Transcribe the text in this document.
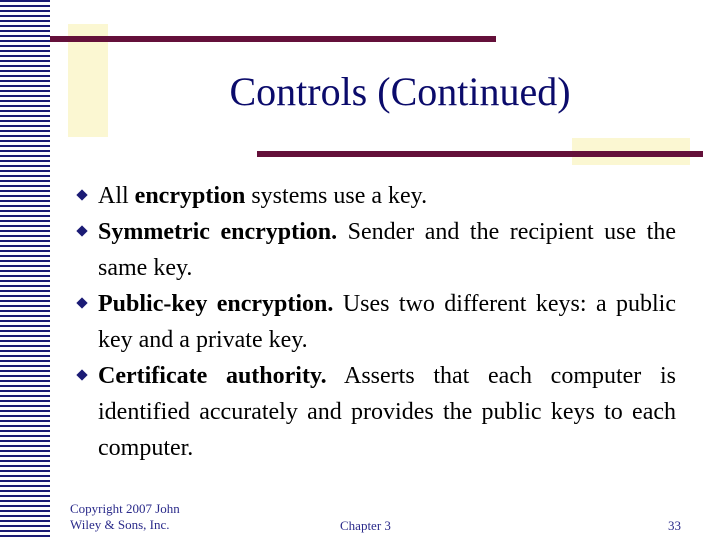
Controls (Continued)
All encryption systems use a key.
Symmetric encryption. Sender and the recipient use the same key.
Public-key encryption. Uses two different keys: a public key and a private key.
Certificate authority. Asserts that each computer is identified accurately and provides the public keys to each computer.
Copyright 2007 John Wiley & Sons, Inc.	Chapter 3	33
